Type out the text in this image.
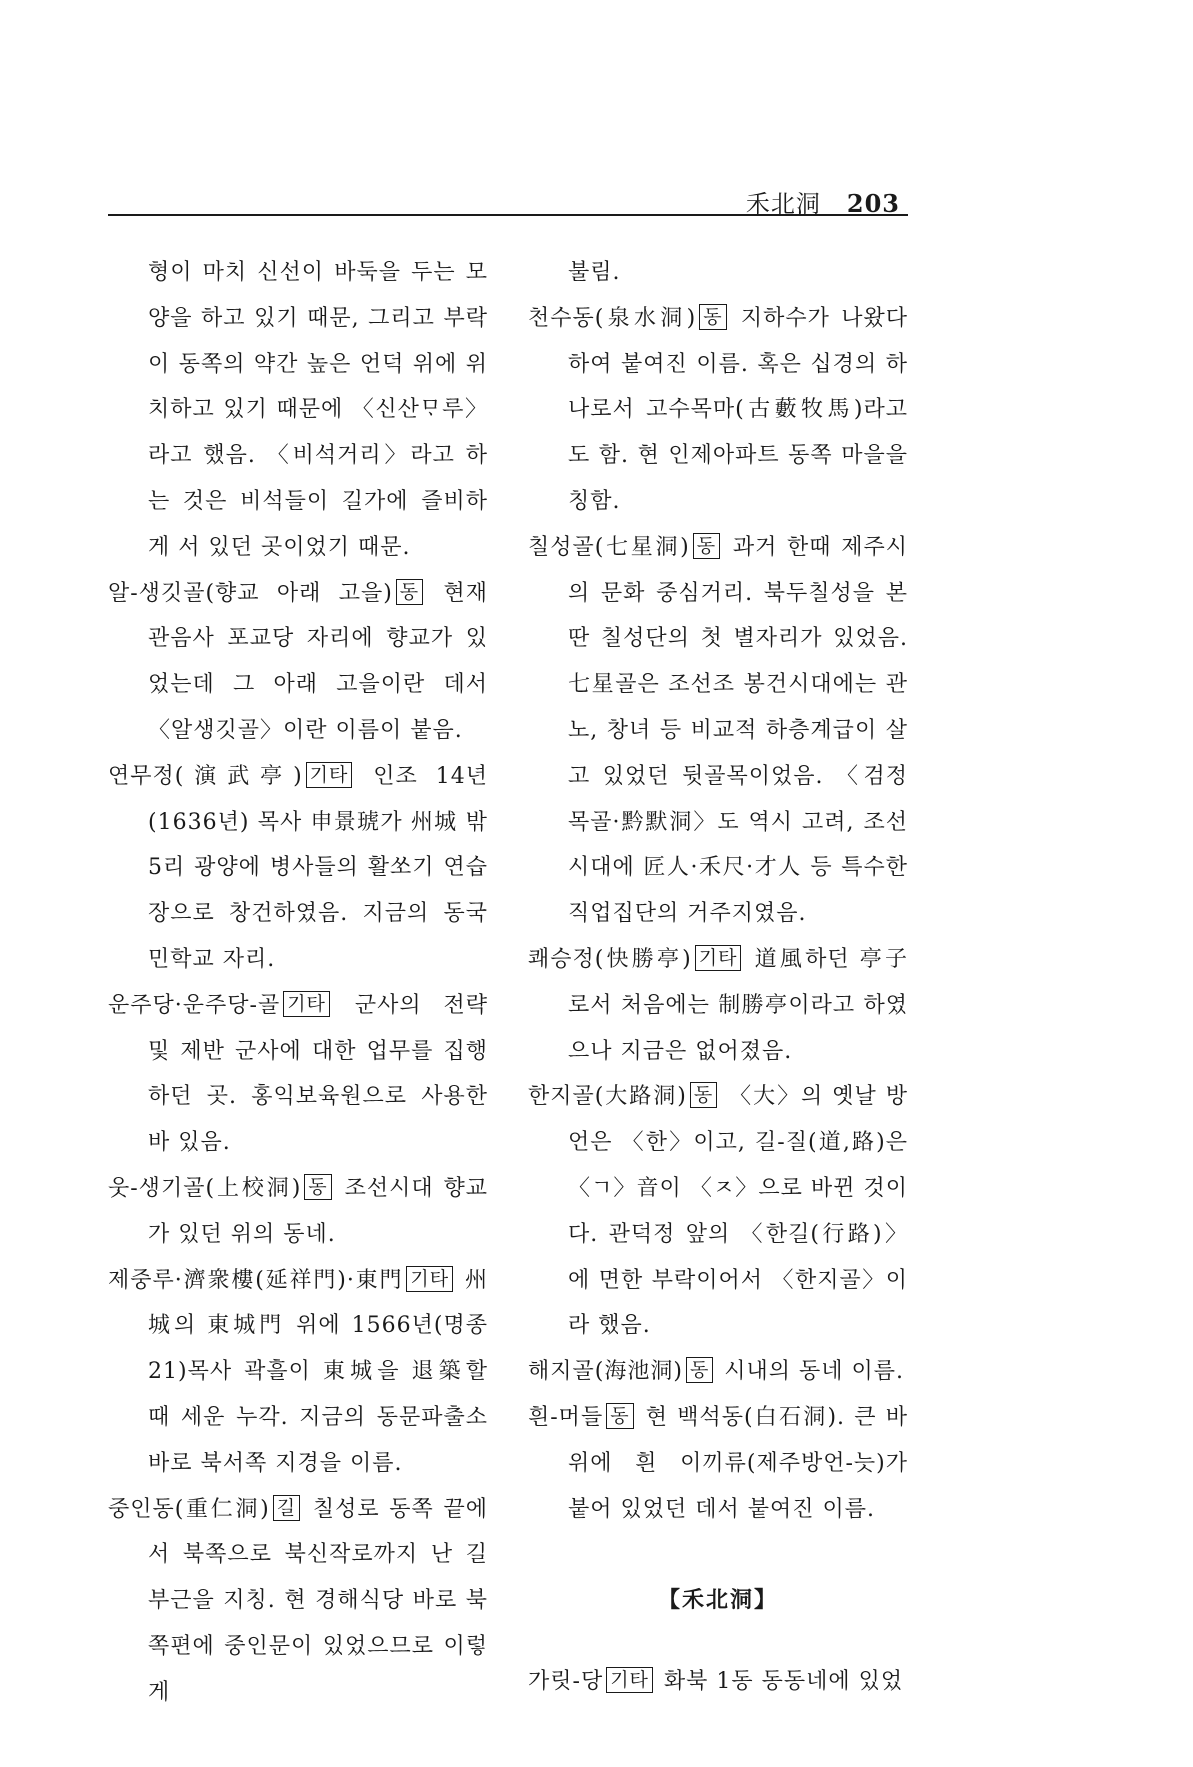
禾北洞 203

형이 마치 신선이 바둑을 두는 모양을 하고 있기 때문, 그리고 부락이 동쪽의 약간 높은 언덕 위에 위치하고 있기 때문에 〈신산ᄆᆞ루〉라고 했음. 〈비석거리〉라고 하는 것은 비석들이 길가에 즐비하게 서 있던 곳이었기 때문.

알-생깃골(향교 아래 고을) 동 현재 관음사 포교당 자리에 향교가 있었는데 그 아래 고을이란 데서 〈알생깃골〉이란 이름이 붙음.

연무정(演武亭) 기타 인조 14년(1636년) 목사 申景琥가 州城 밖 5리 광양에 병사들의 활쏘기 연습장으로 창건하였음. 지금의 동국민학교 자리.

운주당·운주당-골 기타 군사의 전략 및 제반 군사에 대한 업무를 집행하던 곳. 홍익보육원으로 사용한 바 있음.

웃-생기골(上校洞) 동 조선시대 향교가 있던 위의 동네.

제중루·濟衆樓(延祥門)·東門 기타 州城의 東城門 위에 1566년(명종 21)목사 곽흘이 東城을 退築할 때 세운 누각. 지금의 동문파출소 바로 북서쪽 지경을 이름.

중인동(重仁洞) 길 칠성로 동쪽 끝에서 북쪽으로 북신작로까지 난 길 부근을 지칭. 현 경해식당 바로 북쪽편에 중인문이 있었으므로 이렇게

불림.

천수동(泉水洞) 동 지하수가 나왔다 하여 붙여진 이름. 혹은 십경의 하나로서 고수목마(古藪牧馬)라고도 함. 현 인제아파트 동쪽 마을을 칭함.

칠성골(七星洞) 동 과거 한때 제주시의 문화 중심거리. 북두칠성을 본딴 칠성단의 첫 별자리가 있었음. 七星골은 조선조 봉건시대에는 관노, 창녀 등 비교적 하층계급이 살고 있었던 뒷골목이었음. 〈검정목골·黔默洞〉도 역시 고려, 조선시대에 匠人·禾尺·才人 등 특수한 직업집단의 거주지였음.

쾌승정(快勝亭) 기타 道風하던 亭子로서 처음에는 制勝亭이라고 하였으나 지금은 없어졌음.

한지골(大路洞) 동 〈大〉의 옛날 방언은 〈한〉이고, 길-질(道,路)은 〈ㄱ〉音이 〈ㅈ〉으로 바뀐 것이다. 관덕정 앞의 〈한길(行路)〉에 면한 부락이어서 〈한지골〉이라 했음.

해지골(海池洞) 동 시내의 동네 이름.

흰-머들 동 현 백석동(白石洞). 큰 바위에 흰 이끼류(제주방언-늣)가 붙어 있었던 데서 붙여진 이름.

【禾北洞】

가릿-당 기타 화북 1동 동동네에 있었
